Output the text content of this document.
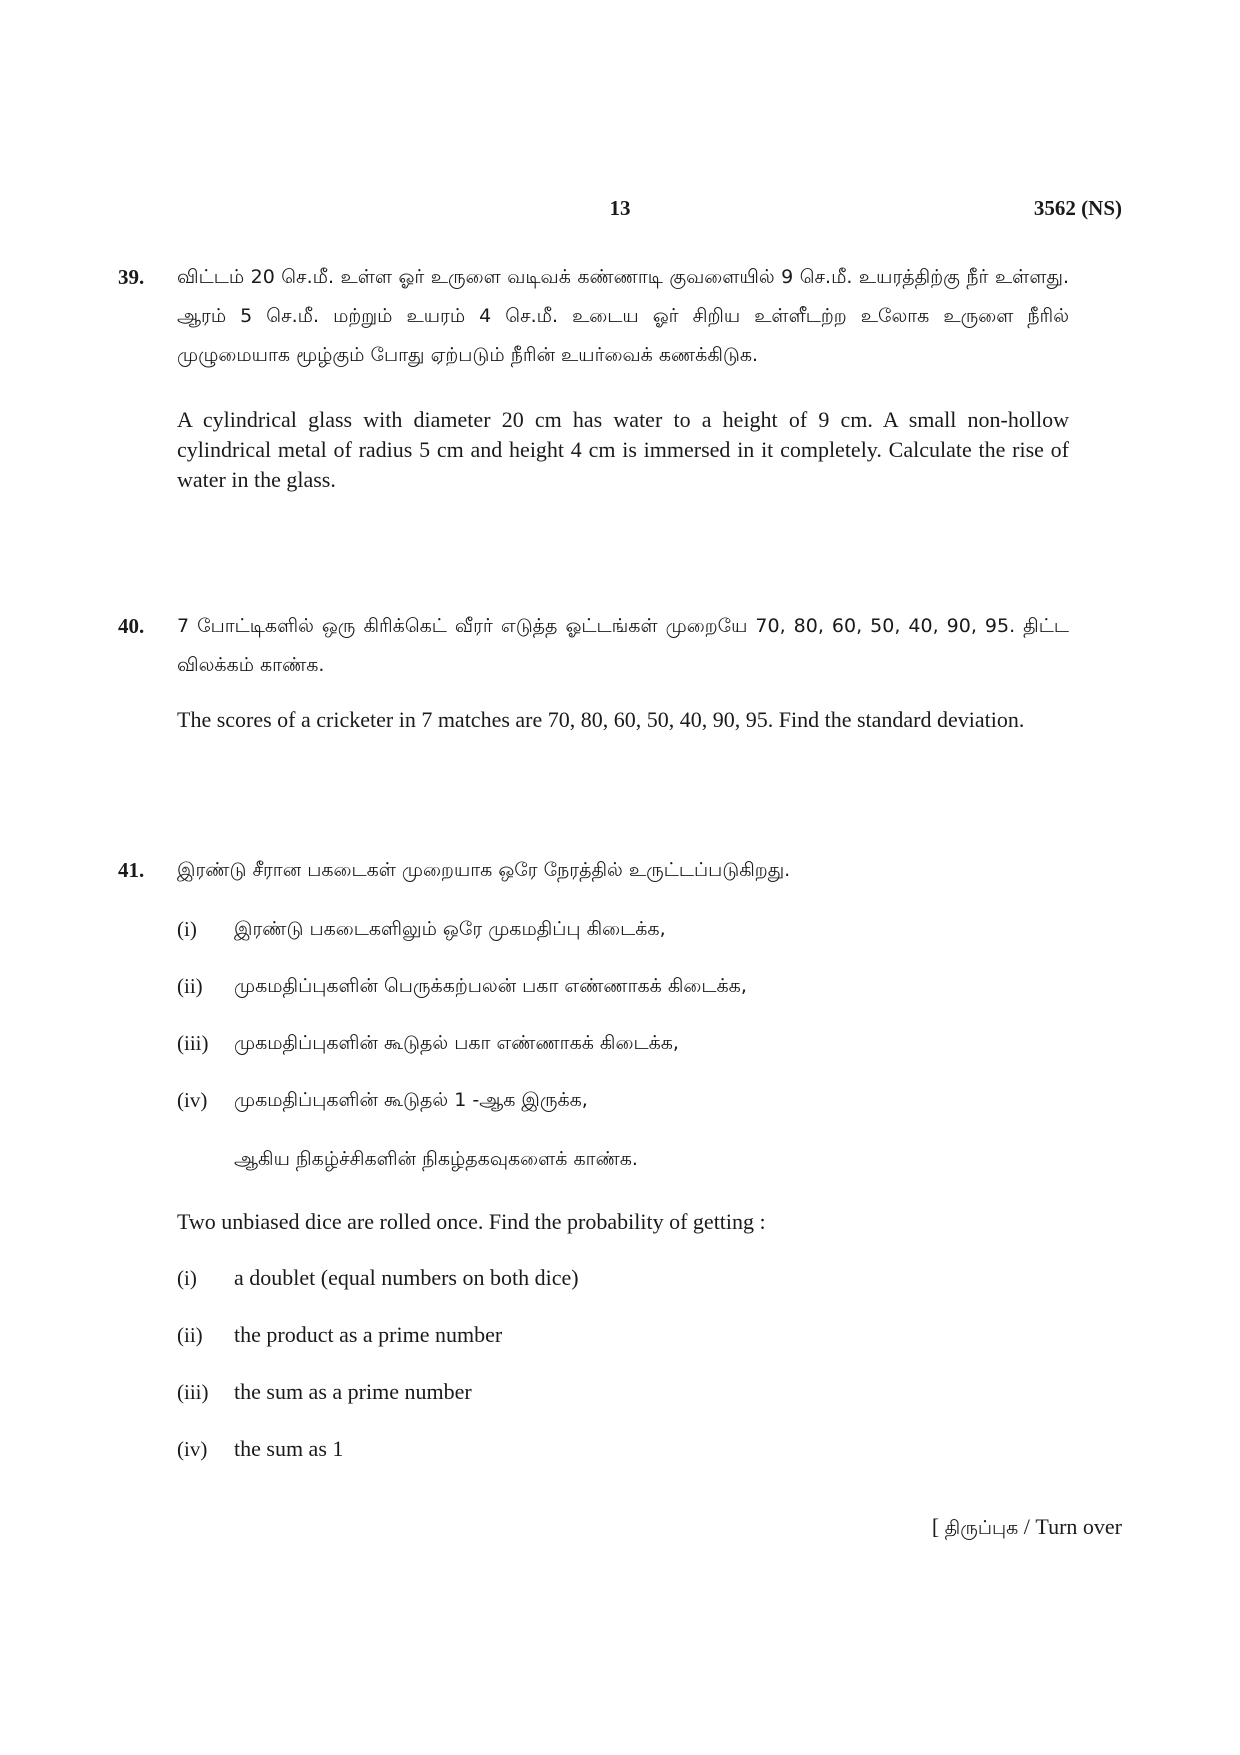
13	3562 (NS)
39.	விட்டம் 20 செ.மீ. உள்ள ஓர் உருளை வடிவக் கண்ணாடி குவளையில் 9 செ.மீ. உயரத்திற்கு நீர் உள்ளது. ஆரம் 5 செ.மீ. மற்றும் உயரம் 4 செ.மீ. உடைய ஓர் சிறிய உள்ளீடற்ற உலோக உருளை நீரில் முழுமையாக மூழ்கும் போது ஏற்படும் நீரின் உயர்வைக் கணக்கிடுக.

A cylindrical glass with diameter 20 cm has water to a height of 9 cm. A small non-hollow cylindrical metal of radius 5 cm and height 4 cm is immersed in it completely. Calculate the rise of water in the glass.

40.	7 போட்டிகளில் ஒரு கிரிக்கெட் வீரர் எடுத்த ஓட்டங்கள் முறையே 70, 80, 60, 50, 40, 90, 95. திட்ட விலக்கம் காண்க.

The scores of a cricketer in 7 matches are 70, 80, 60, 50, 40, 90, 95. Find the standard deviation.

41.	இரண்டு சீரான பகடைகள் முறையாக ஒரே நேரத்தில் உருட்டப்படுகிறது.

(i)	இரண்டு பகடைகளிலும் ஒரே முகமதிப்பு கிடைக்க,
(ii)	முகமதிப்புகளின் பெருக்கற்பலன் பகா எண்ணாகக் கிடைக்க,
(iii)	முகமதிப்புகளின் கூடுதல் பகா எண்ணாகக் கிடைக்க,
(iv)	முகமதிப்புகளின் கூடுதல் 1 -ஆக இருக்க,

ஆகிய நிகழ்ச்சிகளின் நிகழ்தகவுகளைக் காண்க.

Two unbiased dice are rolled once. Find the probability of getting :

(i)	a doublet (equal numbers on both dice)
(ii)	the product as a prime number
(iii)	the sum as a prime number
(iv)	the sum as 1
[ திருப்புக / Turn over
